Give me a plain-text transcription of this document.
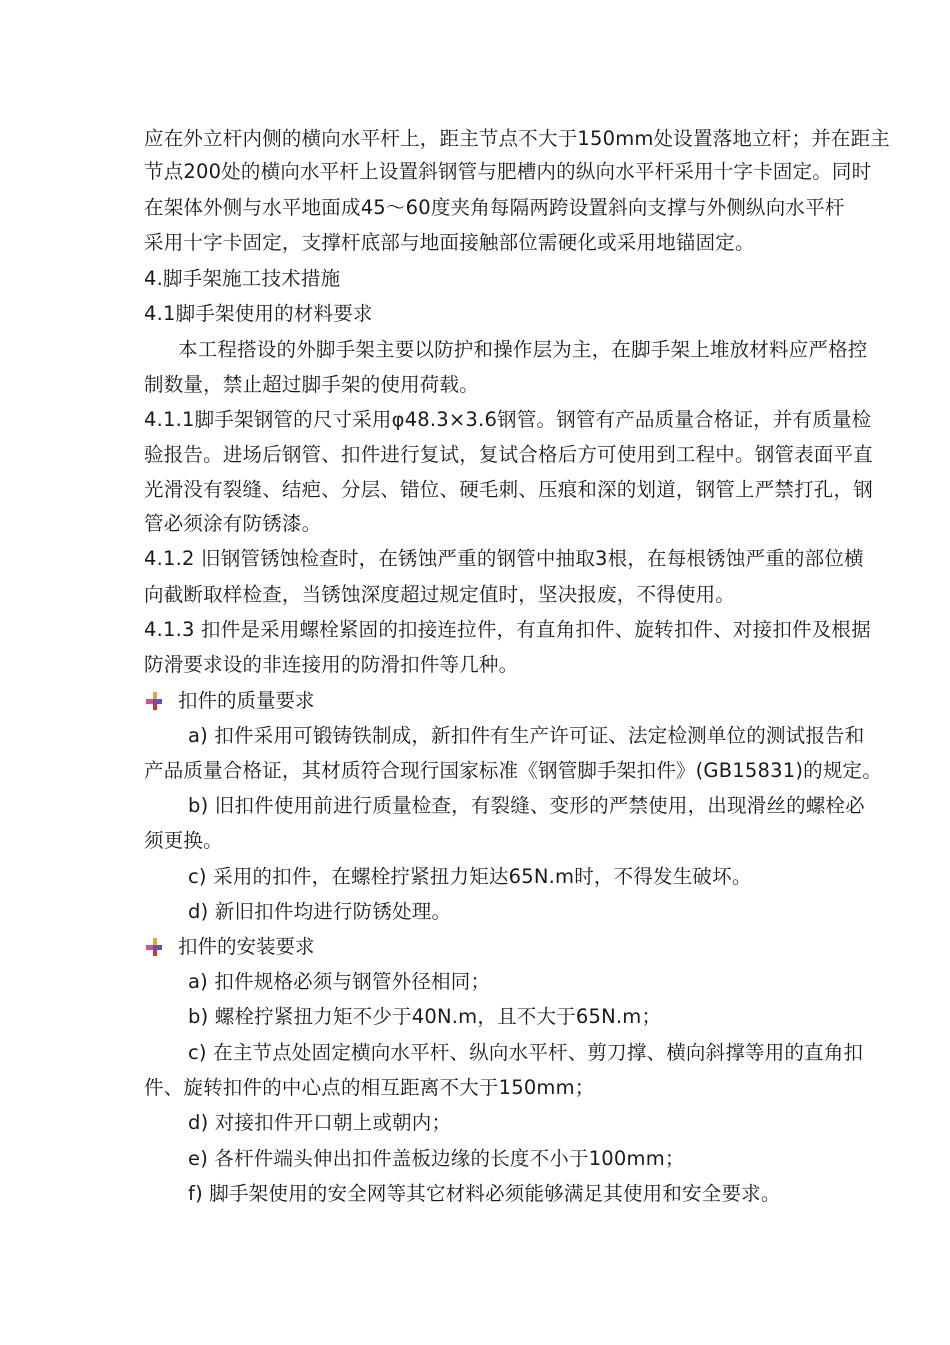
应在外立杆内侧的横向水平杆上，距主节点不大于150mm处设置落地立杆；并在距主
节点200处的横向水平杆上设置斜钢管与肥槽内的纵向水平杆采用十字卡固定。同时
在架体外侧与水平地面成45～60度夹角每隔两跨设置斜向支撑与外侧纵向水平杆
采用十字卡固定，支撑杆底部与地面接触部位需硬化或采用地锚固定。
4.脚手架施工技术措施
4.1脚手架使用的材料要求
本工程搭设的外脚手架主要以防护和操作层为主，在脚手架上堆放材料应严格控
制数量，禁止超过脚手架的使用荷载。
4.1.1脚手架钢管的尺寸采用φ48.3×3.6钢管。钢管有产品质量合格证，并有质量检
验报告。进场后钢管、扣件进行复试，复试合格后方可使用到工程中。钢管表面平直
光滑没有裂缝、结疤、分层、错位、硬毛刺、压痕和深的划道，钢管上严禁打孔，钢
管必须涂有防锈漆。
4.1.2 旧钢管锈蚀检查时，在锈蚀严重的钢管中抽取3根，在每根锈蚀严重的部位横
向截断取样检查，当锈蚀深度超过规定值时，坚决报废，不得使用。
4.1.3 扣件是采用螺栓紧固的扣接连拉件，有直角扣件、旋转扣件、对接扣件及根据
防滑要求设的非连接用的防滑扣件等几种。
扣件的质量要求
a) 扣件采用可锻铸铁制成，新扣件有生产许可证、法定检测单位的测试报告和
产品质量合格证，其材质符合现行国家标准《钢管脚手架扣件》(GB15831)的规定。
b) 旧扣件使用前进行质量检查，有裂缝、变形的严禁使用，出现滑丝的螺栓必
须更换。
c) 采用的扣件，在螺栓拧紧扭力矩达65N.m时，不得发生破坏。
d) 新旧扣件均进行防锈处理。
扣件的安装要求
a) 扣件规格必须与钢管外径相同；
b) 螺栓拧紧扭力矩不少于40N.m，且不大于65N.m；
c) 在主节点处固定横向水平杆、纵向水平杆、剪刀撑、横向斜撑等用的直角扣
件、旋转扣件的中心点的相互距离不大于150mm；
d) 对接扣件开口朝上或朝内；
e) 各杆件端头伸出扣件盖板边缘的长度不小于100mm；
f) 脚手架使用的安全网等其它材料必须能够满足其使用和安全要求。
